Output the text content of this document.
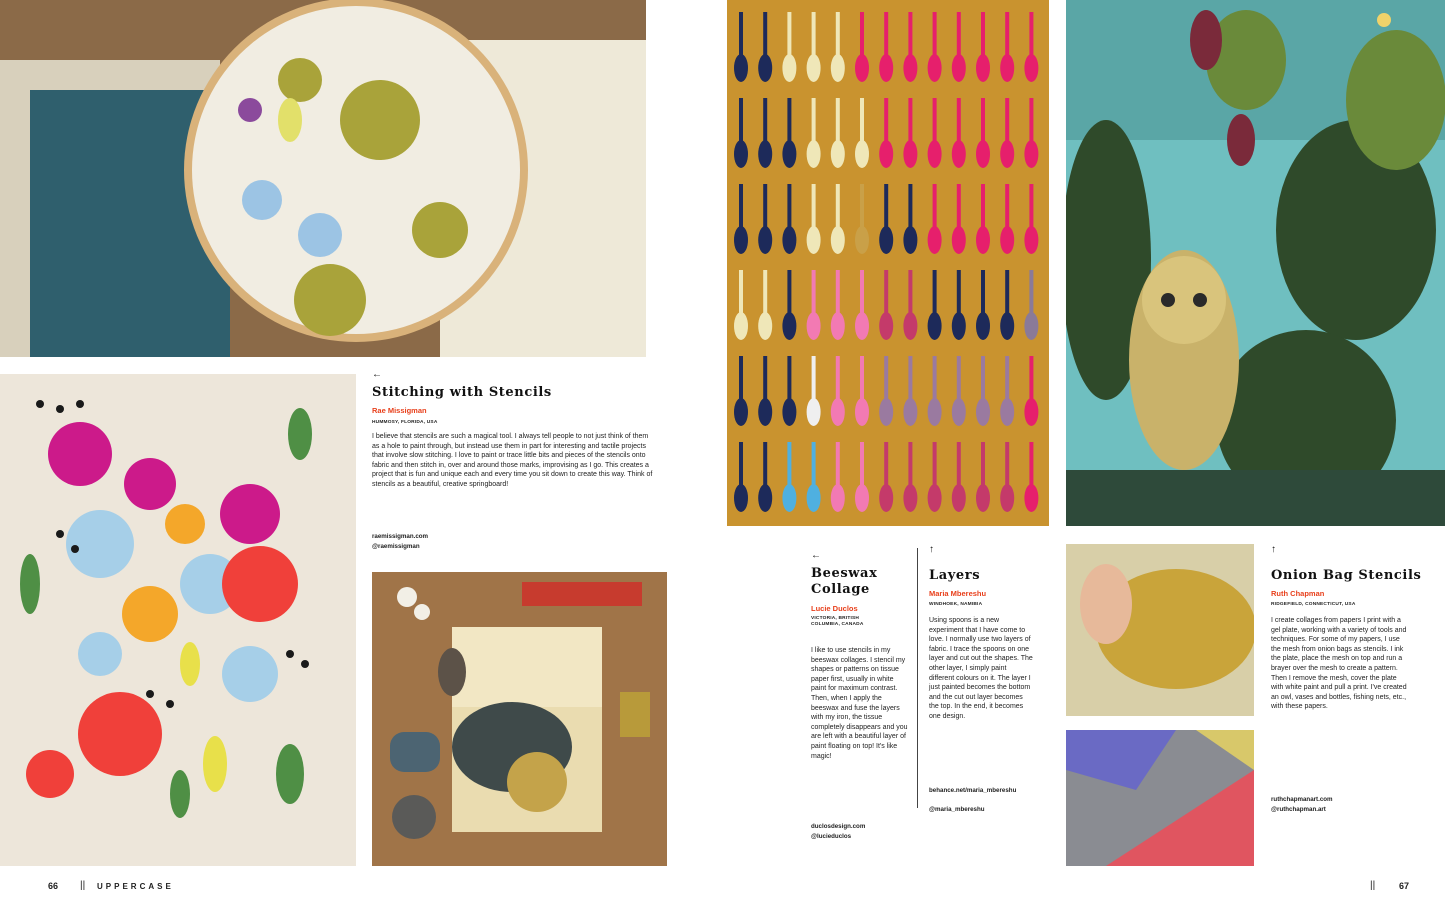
←
Stitching with Stencils
Rae Missigman
HUMMOSY, FLORIDA, USA
I believe that stencils are such a magical tool. I always tell people to not just think of them as a hole to paint through, but instead use them in part for interesting and tactile projects that involve slow stitching. I love to paint or trace little bits and pieces of the stencils onto fabric and then stitch in, over and around those marks, improvising as I go. This creates a project that is fun and unique each and every time you sit down to create this way. Think of stencils as a beautiful, creative springboard!
raemissigman.com
@raemissigman
66 || UPPERCASE
←
Beeswax Collage
Lucie Duclos
VICTORIA, BRITISH COLUMBIA, CANADA
I like to use stencils in my beeswax collages. I stencil my shapes or patterns on tissue paper first, usually in white paint for maximum contrast. Then, when I apply the beeswax and fuse the layers with my iron, the tissue completely disappears and you are left with a beautiful layer of paint floating on top! It's like magic!
duclosdesign.com
@lucieduclos
↑
Layers
Maria Mbereshu
WINDHOEK, NAMIBIA
Using spoons is a new experiment that I have come to love. I normally use two layers of fabric. I trace the spoons on one layer and cut out the shapes. The other layer, I simply paint different colours on it. The layer I just painted becomes the bottom and the cut out layer becomes the top. In the end, it becomes one design.
behance.net/maria_mbereshu
@maria_mbereshu
↑
Onion Bag Stencils
Ruth Chapman
RIDGEFIELD, CONNECTICUT, USA
I create collages from papers I print with a gel plate, working with a variety of tools and techniques. For some of my papers, I use the mesh from onion bags as stencils. I ink the plate, place the mesh on top and run a brayer over the mesh to create a pattern. Then I remove the mesh, cover the plate with white paint and pull a print. I've created an owl, vases and bottles, fishing nets, etc., with these papers.
ruthchapmanart.com
@ruthchapman.art
||	67
